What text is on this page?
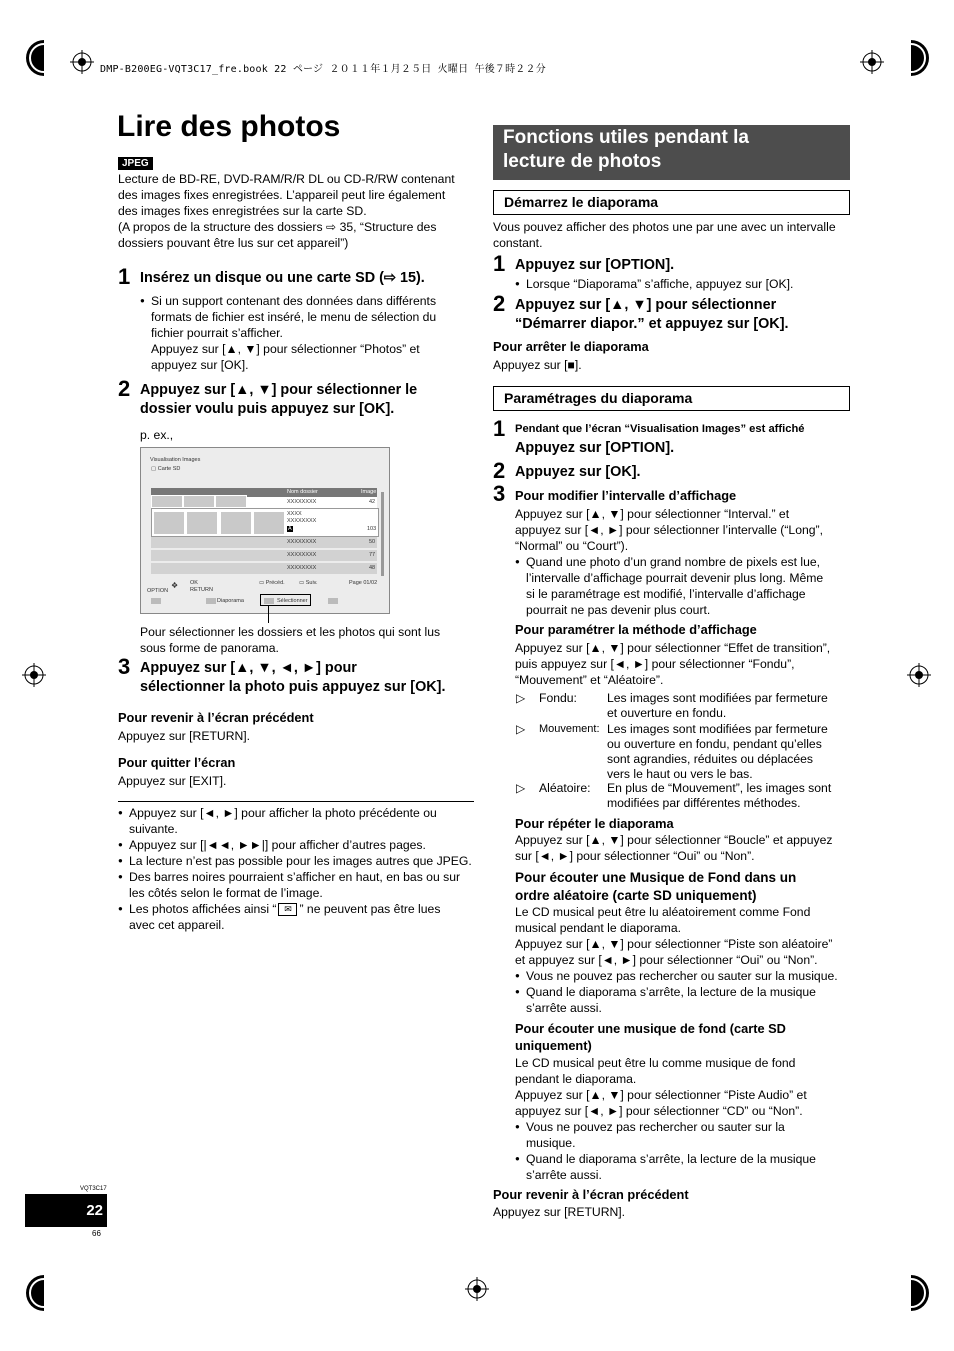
DMP-B200EG-VQT3C17_fre.book 22 ページ ２０１１年１月２５日 火曜日 午後７時２２分
Lire des photos
JPEG
Lecture de BD-RE, DVD-RAM/R/R DL ou CD-R/RW contenant
des images fixes enregistrées. L’appareil peut lire également
des images fixes enregistrées sur la carte SD.
(A propos de la structure des dossiers ⇨ 35, “Structure des
dossiers pouvant être lus sur cet appareil”)
1 Insérez un disque ou une carte SD (⇨ 15).
● Si un support contenant des données dans différents
formats de fichier est inséré, le menu de sélection du
fichier pourrait s’afficher.
Appuyez sur [▲, ▼] pour sélectionner “Photos” et
appuyez sur [OK].
2 Appuyez sur [▲, ▼] pour sélectionner le
dossier voulu puis appuyez sur [OK].
p. ex.,
Visualisation Images
▢ Carte SD
Nom dossier	Image
XXXXXXXX	42
XXXX
XXXXXXXX
A	103
XXXXXXXX	50
XXXXXXXX	77
XXXXXXXX	48
❖ OK
RETURN
OPTION
▭ Précéd.	▭ Suiv.	Page 01/02
Diaporama	Sélectionner
Pour sélectionner les dossiers et les photos qui sont lus
sous forme de panorama.
3 Appuyez sur [▲, ▼, ◄, ►] pour
sélectionner la photo puis appuyez sur [OK].
Pour revenir à l’écran précédent
Appuyez sur [RETURN].
Pour quitter l’écran
Appuyez sur [EXIT].
● Appuyez sur [◄, ►] pour afficher la photo précédente ou
suivante.
● Appuyez sur [|◄◄, ►►|] pour afficher d’autres pages.
● La lecture n’est pas possible pour les images autres que JPEG.
● Des barres noires pourraient s’afficher en haut, en bas ou sur
les côtés selon le format de l’image.
● Les photos affichées ainsi “ ✉ ” ne peuvent pas être lues
avec cet appareil.
Fonctions utiles pendant la
lecture de photos
Démarrez le diaporama
Vous pouvez afficher des photos une par une avec un intervalle
constant.
1 Appuyez sur [OPTION].
● Lorsque “Diaporama” s’affiche, appuyez sur [OK].
2 Appuyez sur [▲, ▼] pour sélectionner
“Démarrer diapor.” et appuyez sur [OK].
Pour arrêter le diaporama
Appuyez sur [■].
Paramétrages du diaporama
1 Pendant que l’écran “Visualisation Images” est affiché
Appuyez sur [OPTION].
2 Appuyez sur [OK].
3 Pour modifier l’intervalle d’affichage
Appuyez sur [▲, ▼] pour sélectionner “Interval.” et
appuyez sur [◄, ►] pour sélectionner l’intervalle (“Long”,
“Normal” ou “Court”).
● Quand une photo d’un grand nombre de pixels est lue,
l’intervalle d’affichage pourrait devenir plus long. Même
si le paramétrage est modifié, l’intervalle d’affichage
pourrait ne pas devenir plus court.
Pour paramétrer la méthode d’affichage
Appuyez sur [▲, ▼] pour sélectionner “Effet de transition”,
puis appuyez sur [◄, ►] pour sélectionner “Fondu”,
“Mouvement” et “Aléatoire”.
▷ Fondu: Les images sont modifiées par fermeture
et ouverture en fondu.
▷ Mouvement: Les images sont modifiées par fermeture
ou ouverture en fondu, pendant qu’elles
sont agrandies, réduites ou déplacées
vers le haut ou vers le bas.
▷ Aléatoire: En plus de “Mouvement”, les images sont
modifiées par différentes méthodes.
Pour répéter le diaporama
Appuyez sur [▲, ▼] pour sélectionner “Boucle” et appuyez
sur [◄, ►] pour sélectionner “Oui” ou “Non”.
Pour écouter une Musique de Fond dans un
ordre aléatoire (carte SD uniquement)
Le CD musical peut être lu aléatoirement comme Fond
musical pendant le diaporama.
Appuyez sur [▲, ▼] pour sélectionner “Piste son aléatoire”
et appuyez sur [◄, ►] pour sélectionner “Oui” ou “Non”.
● Vous ne pouvez pas rechercher ou sauter sur la musique.
● Quand le diaporama s’arrête, la lecture de la musique
s’arrête aussi.
Pour écouter une musique de fond (carte SD
uniquement)
Le CD musical peut être lu comme musique de fond
pendant le diaporama.
Appuyez sur [▲, ▼] pour sélectionner “Piste Audio” et
appuyez sur [◄, ►] pour sélectionner “CD” ou “Non”.
● Vous ne pouvez pas rechercher ou sauter sur la
musique.
● Quand le diaporama s’arrête, la lecture de la musique
s’arrête aussi.
Pour revenir à l’écran précédent
Appuyez sur [RETURN].
VQT3C17
22
66
